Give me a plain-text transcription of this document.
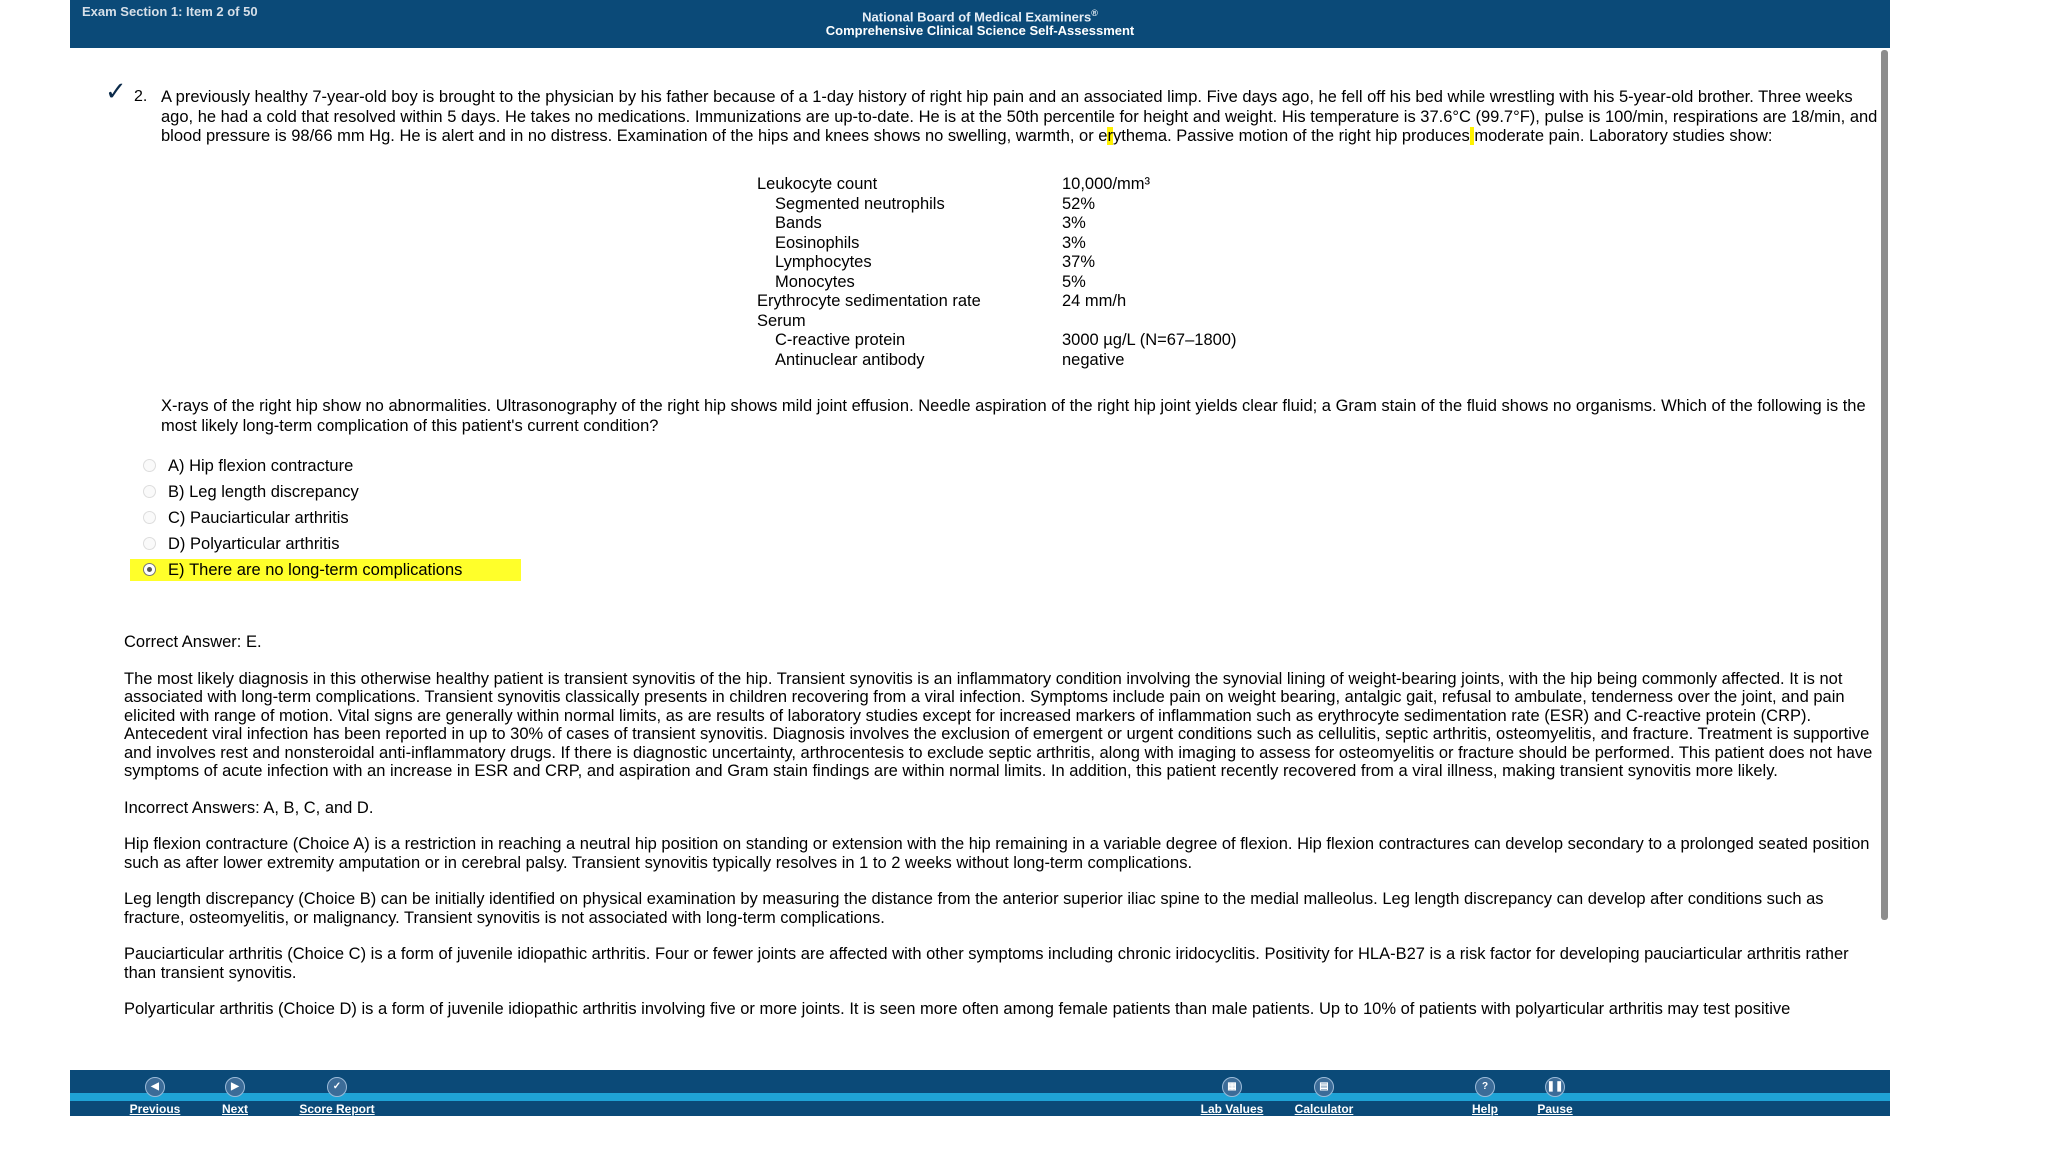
Exam Section 1: Item 2 of 50	National Board of Medical Examiners®
Comprehensive Clinical Science Self-Assessment
✓ 2. A previously healthy 7-year-old boy is brought to the physician by his father because of a 1-day history of right hip pain and an associated limp. Five days ago, he fell off his bed while wrestling with his 5-year-old brother. Three weeks ago, he had a cold that resolved within 5 days. He takes no medications. Immunizations are up-to-date. He is at the 50th percentile for height and weight. His temperature is 37.6°C (99.7°F), pulse is 100/min, respirations are 18/min, and blood pressure is 98/66 mm Hg. He is alert and in no distress. Examination of the hips and knees shows no swelling, warmth, or erythema. Passive motion of the right hip produces moderate pain. Laboratory studies show:
Leukocyte count	10,000/mm³
Segmented neutrophils	52%
Bands	3%
Eosinophils	3%
Lymphocytes	37%
Monocytes	5%
Erythrocyte sedimentation rate	24 mm/h
Serum
C-reactive protein	3000 µg/L (N=67–1800)
Antinuclear antibody	negative
X-rays of the right hip show no abnormalities. Ultrasonography of the right hip shows mild joint effusion. Needle aspiration of the right hip joint yields clear fluid; a Gram stain of the fluid shows no organisms. Which of the following is the most likely long-term complication of this patient's current condition?
A)
Hip flexion contracture
B)
Leg length discrepancy
C)
Pauciarticular arthritis
D)
Polyarticular arthritis
E)
There are no long-term complications

Correct Answer: E.

The most likely diagnosis in this otherwise healthy patient is transient synovitis of the hip. Transient synovitis is an inflammatory condition involving the synovial lining of weight-bearing joints, with the hip being commonly affected. It is not associated with long-term complications. Transient synovitis classically presents in children recovering from a viral infection. Symptoms include pain on weight bearing, antalgic gait, refusal to ambulate, tenderness over the joint, and pain elicited with range of motion. Vital signs are generally within normal limits, as are results of laboratory studies except for increased markers of inflammation such as erythrocyte sedimentation rate (ESR) and C-reactive protein (CRP). Antecedent viral infection has been reported in up to 30% of cases of transient synovitis. Diagnosis involves the exclusion of emergent or urgent conditions such as cellulitis, septic arthritis, osteomyelitis, and fracture. Treatment is supportive and involves rest and nonsteroidal anti-inflammatory drugs. If there is diagnostic uncertainty, arthrocentesis to exclude septic arthritis, along with imaging to assess for osteomyelitis or fracture should be performed. This patient does not have symptoms of acute infection with an increase in ESR and CRP, and aspiration and Gram stain findings are within normal limits. In addition, this patient recently recovered from a viral illness, making transient synovitis more likely.

Incorrect Answers: A, B, C, and D.

Hip flexion contracture (Choice A) is a restriction in reaching a neutral hip position on standing or extension with the hip remaining in a variable degree of flexion. Hip flexion contractures can develop secondary to a prolonged seated position such as after lower extremity amputation or in cerebral palsy. Transient synovitis typically resolves in 1 to 2 weeks without long-term complications.

Leg length discrepancy (Choice B) can be initially identified on physical examination by measuring the distance from the anterior superior iliac spine to the medial malleolus. Leg length discrepancy can develop after conditions such as fracture, osteomyelitis, or malignancy. Transient synovitis is not associated with long-term complications.

Pauciarticular arthritis (Choice C) is a form of juvenile idiopathic arthritis. Four or fewer joints are affected with other symptoms including chronic iridocyclitis. Positivity for HLA-B27 is a risk factor for developing pauciarticular arthritis rather than transient synovitis.

Polyarticular arthritis (Choice D) is a form of juvenile idiopathic arthritis involving five or more joints. It is seen more often among female patients than male patients. Up to 10% of patients with polyarticular arthritis may test positive

◀
Previous
▶
Next
✓
Score Report
▦
Lab Values
▤
Calculator
?
Help
❚❚
Pause
